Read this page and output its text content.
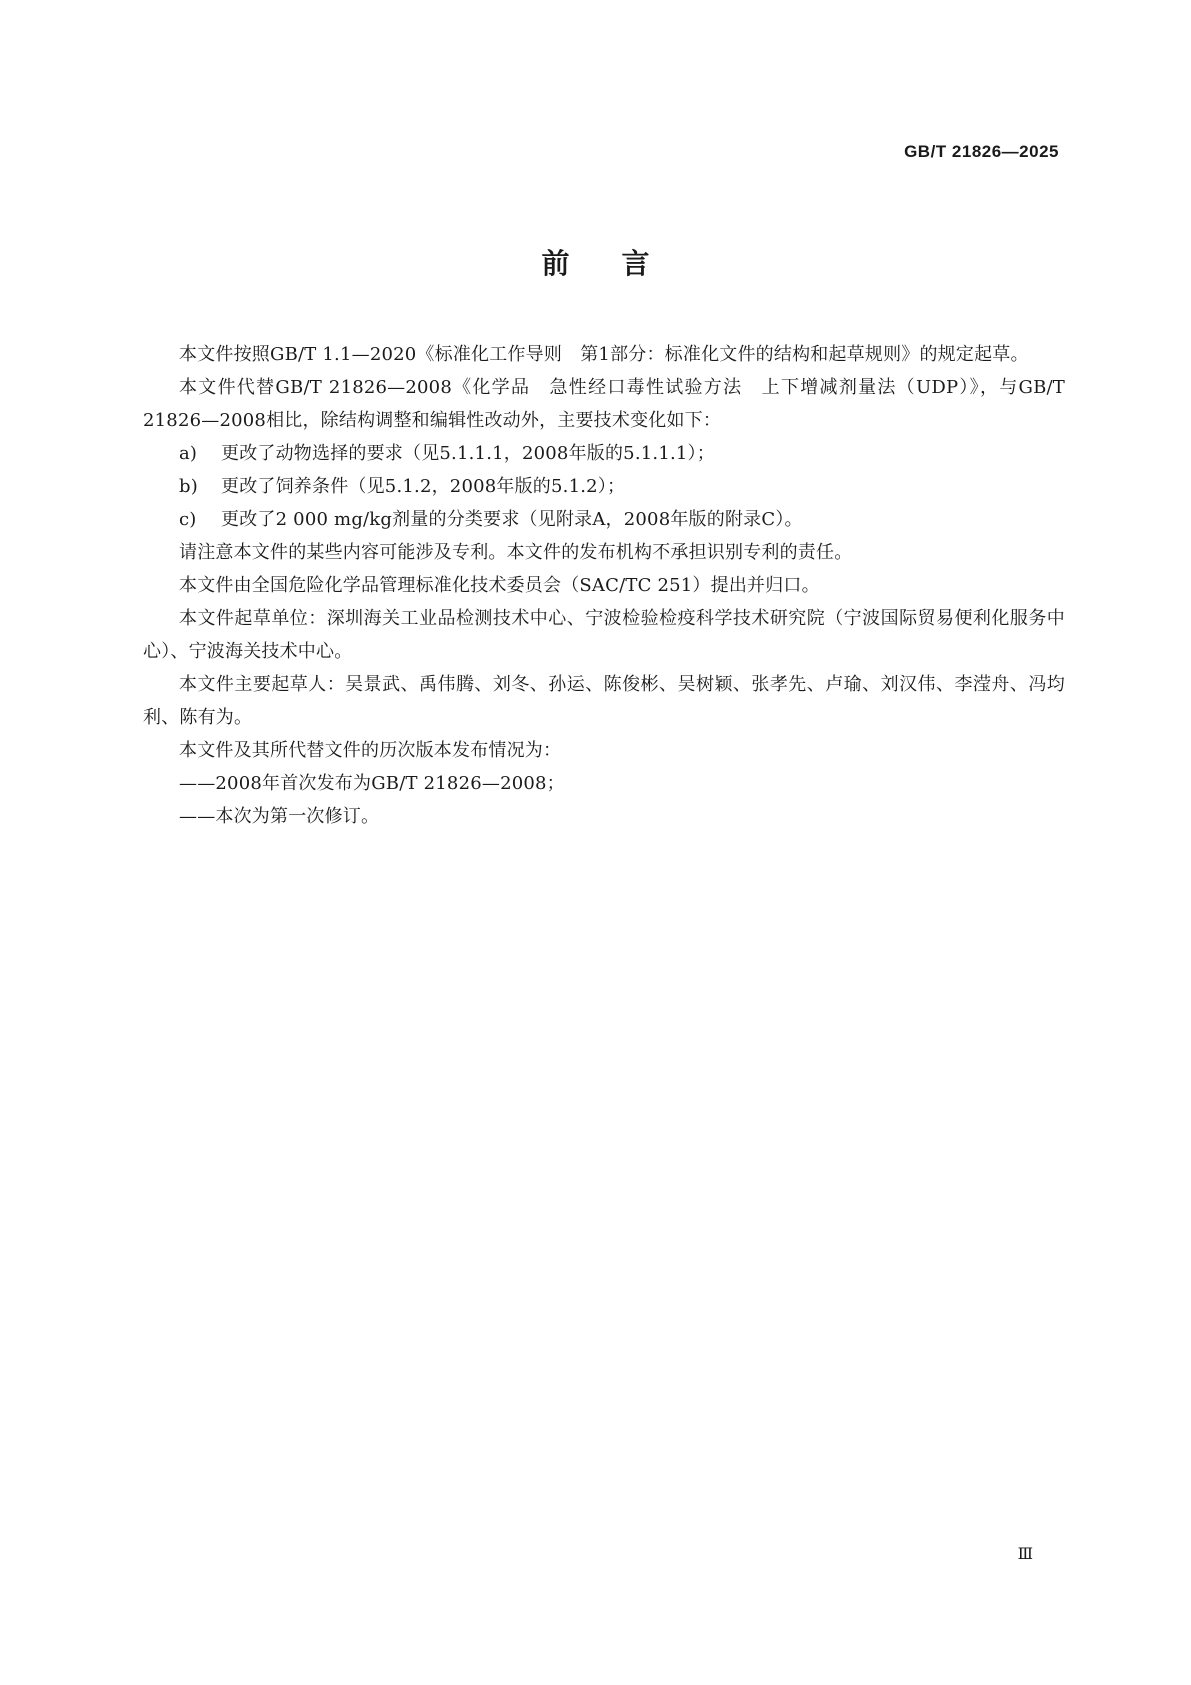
GB/T 21826—2025
前言

本文件按照GB/T 1.1—2020《标准化工作导则　第1部分：标准化文件的结构和起草规则》的规定起草。

本文件代替GB/T 21826—2008《化学品　急性经口毒性试验方法　上下增减剂量法（UDP）》，与GB/T 21826—2008相比，除结构调整和编辑性改动外，主要技术变化如下：

a)	更改了动物选择的要求（见5.1.1.1，2008年版的5.1.1.1）；
b)	更改了饲养条件（见5.1.2，2008年版的5.1.2）；
c)	更改了2 000 mg/kg剂量的分类要求（见附录A，2008年版的附录C）。

请注意本文件的某些内容可能涉及专利。本文件的发布机构不承担识别专利的责任。

本文件由全国危险化学品管理标准化技术委员会（SAC/TC 251）提出并归口。

本文件起草单位：深圳海关工业品检测技术中心、宁波检验检疫科学技术研究院（宁波国际贸易便利化服务中心）、宁波海关技术中心。

本文件主要起草人：吴景武、禹伟腾、刘冬、孙运、陈俊彬、吴树颖、张孝先、卢瑜、刘汉伟、李滢舟、冯均利、陈有为。

本文件及其所代替文件的历次版本发布情况为：

——2008年首次发布为GB/T 21826—2008；

——本次为第一次修订。

Ⅲ
